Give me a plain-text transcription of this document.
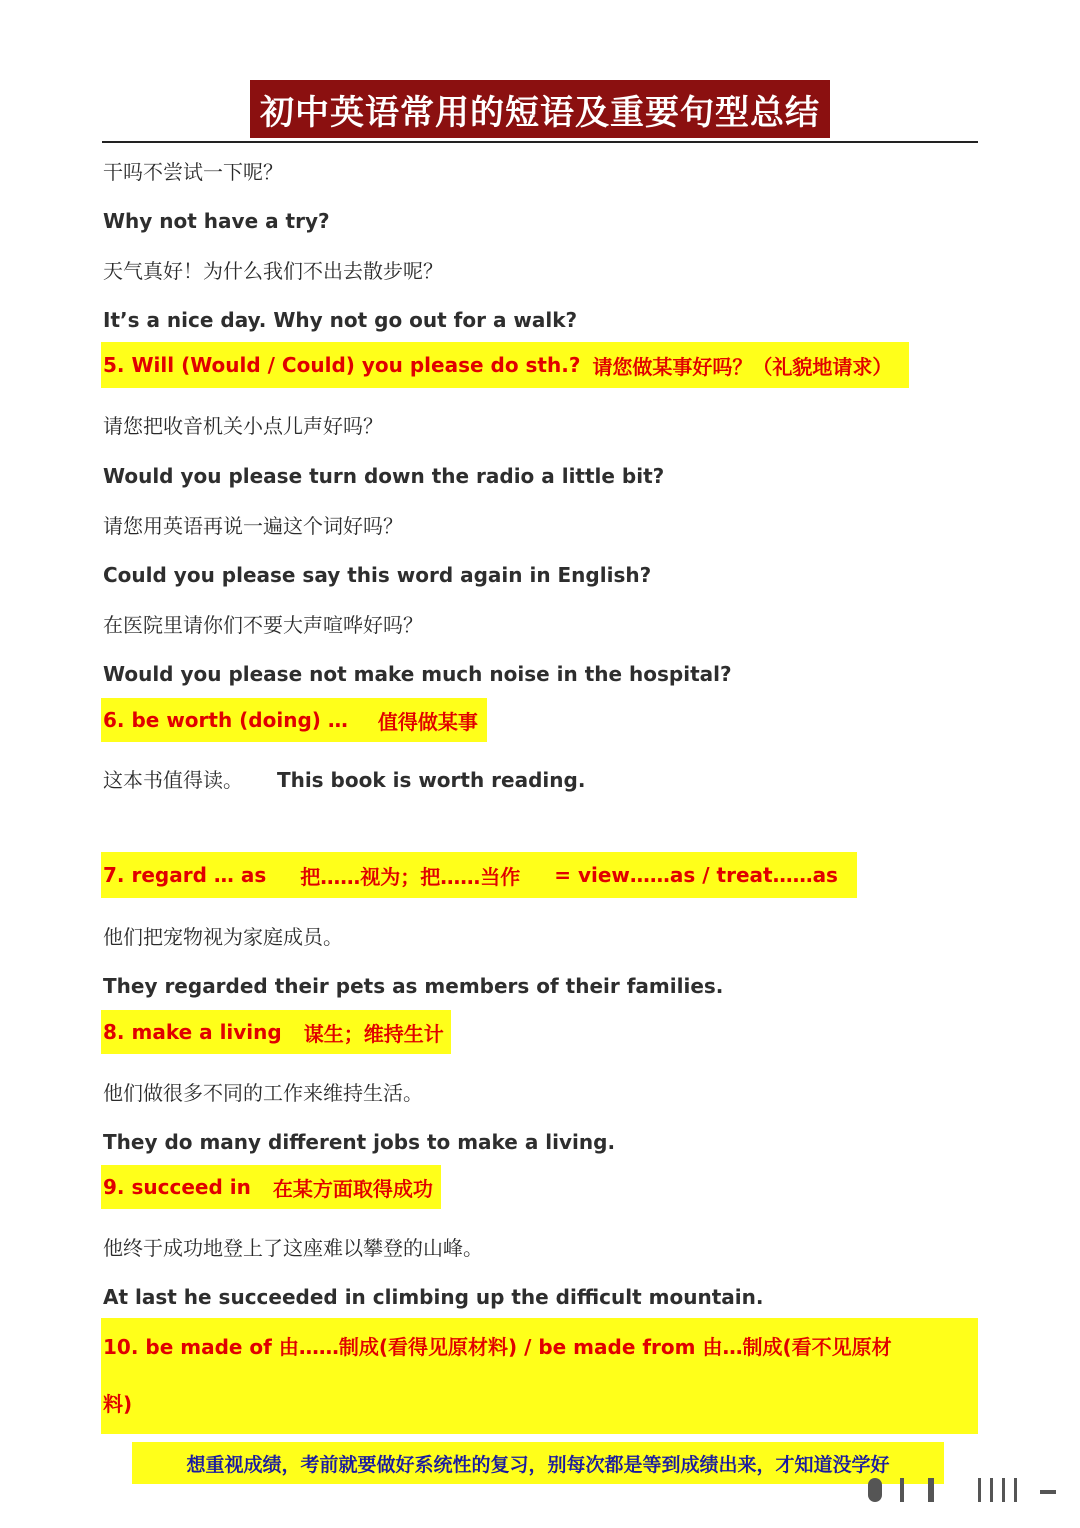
初中英语常用的短语及重要句型总结
干吗不尝试一下呢？
Why not have a try?
天气真好！为什么我们不出去散步呢？
It’s a nice day. Why not go out for a walk?
5. Will (Would / Could) you please do sth.? 请您做某事好吗？（礼貌地请求）
请您把收音机关小点儿声好吗？
Would you please turn down the radio a little bit?
请您用英语再说一遍这个词好吗？
Could you please say this word again in English?
在医院里请你们不要大声喧哗好吗？
Would you please not make much noise in the hospital?
6. be worth (doing) … 值得做某事
这本书值得读。 This book is worth reading.
7. regard … as 把……视为；把……当作 = view……as / treat……as
他们把宠物视为家庭成员。
They regarded their pets as members of their families.
8. make a living 谋生；维持生计
他们做很多不同的工作来维持生活。
They do many different jobs to make a living.
9. succeed in 在某方面取得成功
他终于成功地登上了这座难以攀登的山峰。
At last he succeeded in climbing up the difficult mountain.
10. be made of 由……制成(看得见原材料) / be made from 由…制成(看不见原材
料)
想重视成绩，考前就要做好系统性的复习，别每次都是等到成绩出来，才知道没学好
